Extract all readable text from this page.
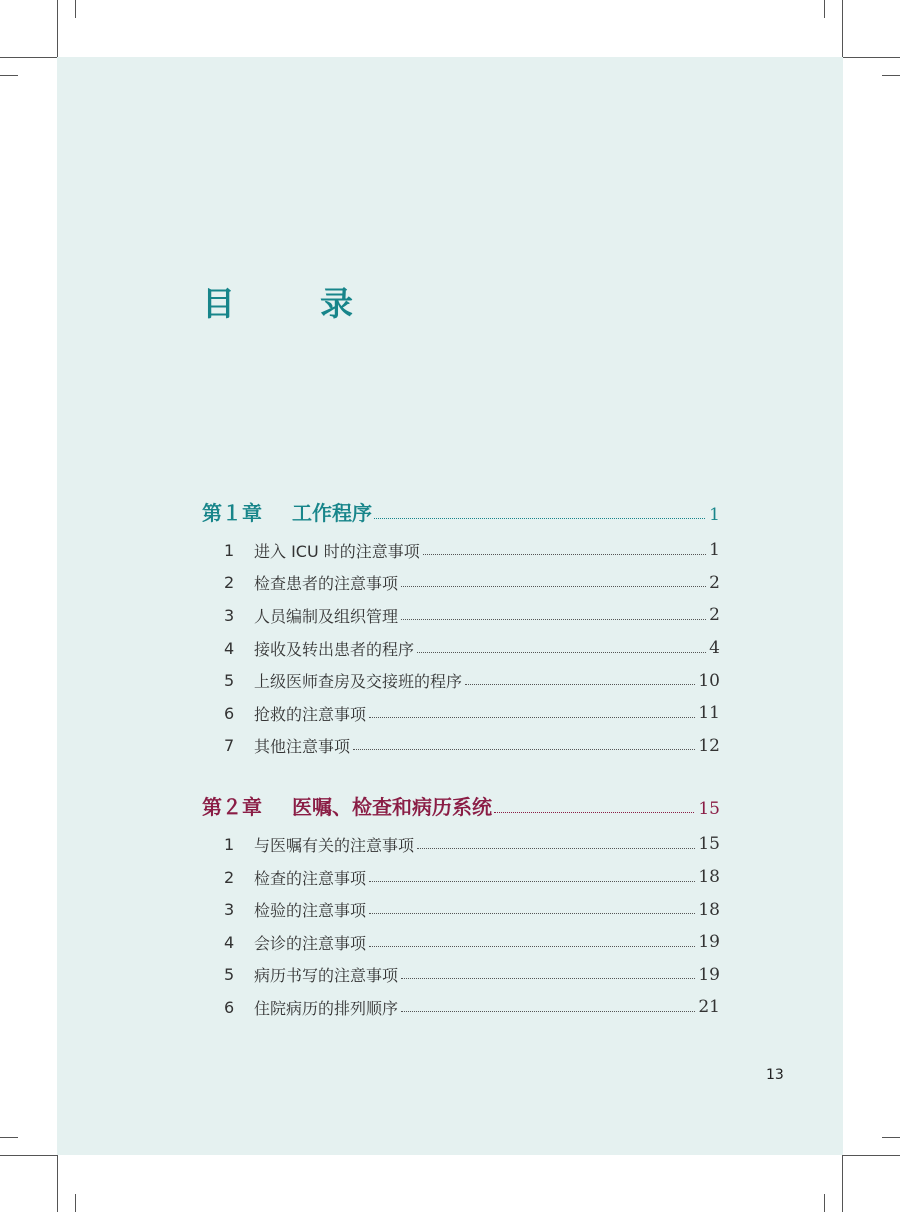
目　录
第１章	工作程序	1
1	进入 ICU 时的注意事项	1
2	检查患者的注意事项	2
3	人员编制及组织管理	2
4	接收及转出患者的程序	4
5	上级医师查房及交接班的程序	10
6	抢救的注意事项	11
7	其他注意事项	12
第２章	医嘱、检查和病历系统	15
1	与医嘱有关的注意事项	15
2	检查的注意事项	18
3	检验的注意事项	18
4	会诊的注意事项	19
5	病历书写的注意事项	19
6	住院病历的排列顺序	21
13
